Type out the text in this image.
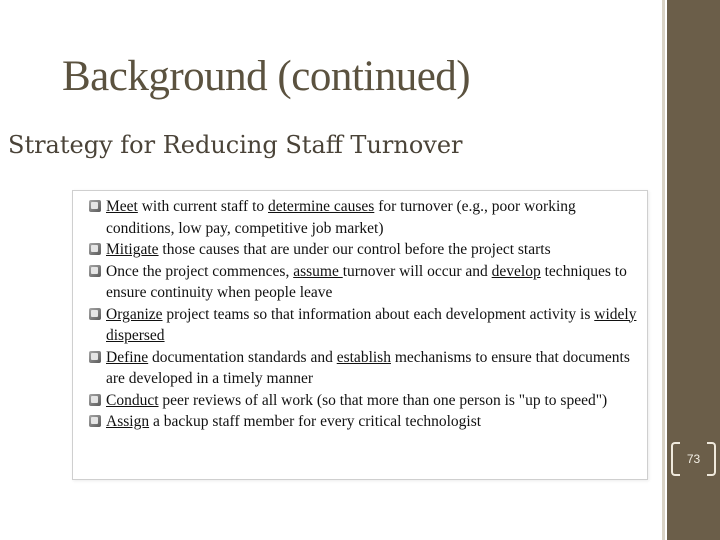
Background (continued)
Strategy for Reducing Staff Turnover
Meet with current staff to determine causes for turnover (e.g., poor working conditions, low pay, competitive job market)
Mitigate those causes that are under our control before the project starts
Once the project commences, assume turnover will occur and develop techniques to ensure continuity when people leave
Organize project teams so that information about each development activity is widely dispersed
Define documentation standards and establish mechanisms to ensure that documents are developed in a timely manner
Conduct peer reviews of all work (so that more than one person is "up to speed")
Assign a backup staff member for every critical technologist
73
